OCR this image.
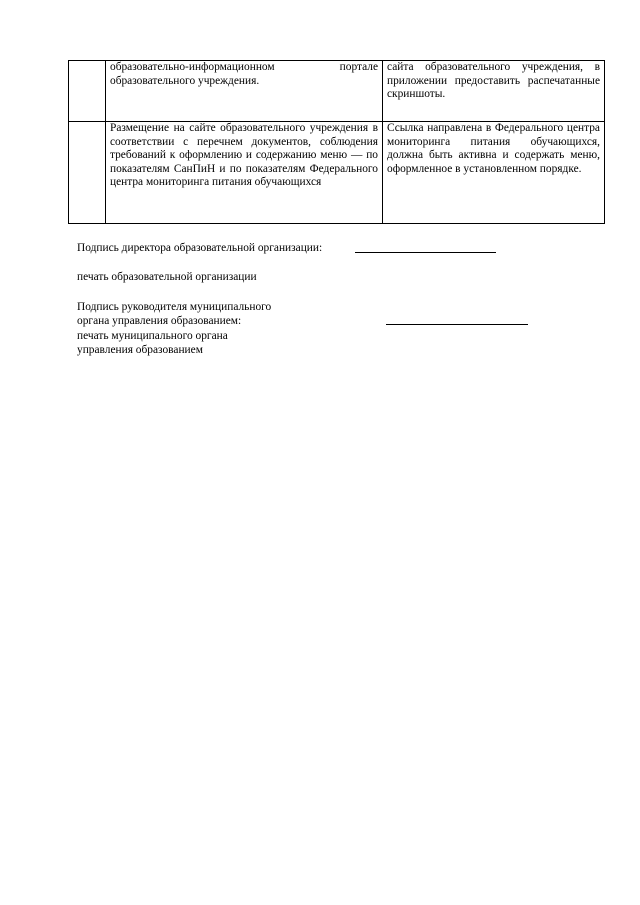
	образовательно-информационном портале образовательного учреждения.	сайта образовательного учреждения, в приложении предоставить распечатанные скриншоты.
	Размещение на сайте образовательного учреждения в соответствии с перечнем документов, соблюдения требований к оформлению и содержанию меню — по показателям СанПиН и по показателям Федерального центра мониторинга питания обучающихся	Ссылка направлена в Федерального центра мониторинга питания обучающихся, должна быть активна и содержать меню, оформленное в установленном порядке.
Подпись директора образовательной организации:
печать образовательной организации
Подпись руководителя муниципального
органа управления образованием:
печать муниципального органа
управления образованием
